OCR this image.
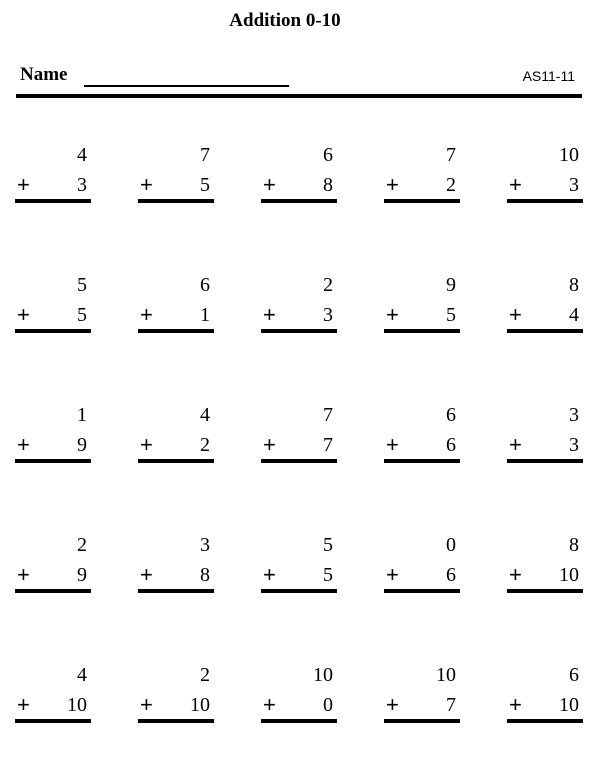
Addition 0-10
Name	AS11-11
4
+ 3
7
+ 5
6
+ 8
7
+ 2
10
+ 3
5
+ 5
6
+ 1
2
+ 3
9
+ 5
8
+ 4
1
+ 9
4
+ 2
7
+ 7
6
+ 6
3
+ 3
2
+ 9
3
+ 8
5
+ 5
0
+ 6
8
+ 10
4
+ 10
2
+ 10
10
+ 0
10
+ 7
6
+ 10
